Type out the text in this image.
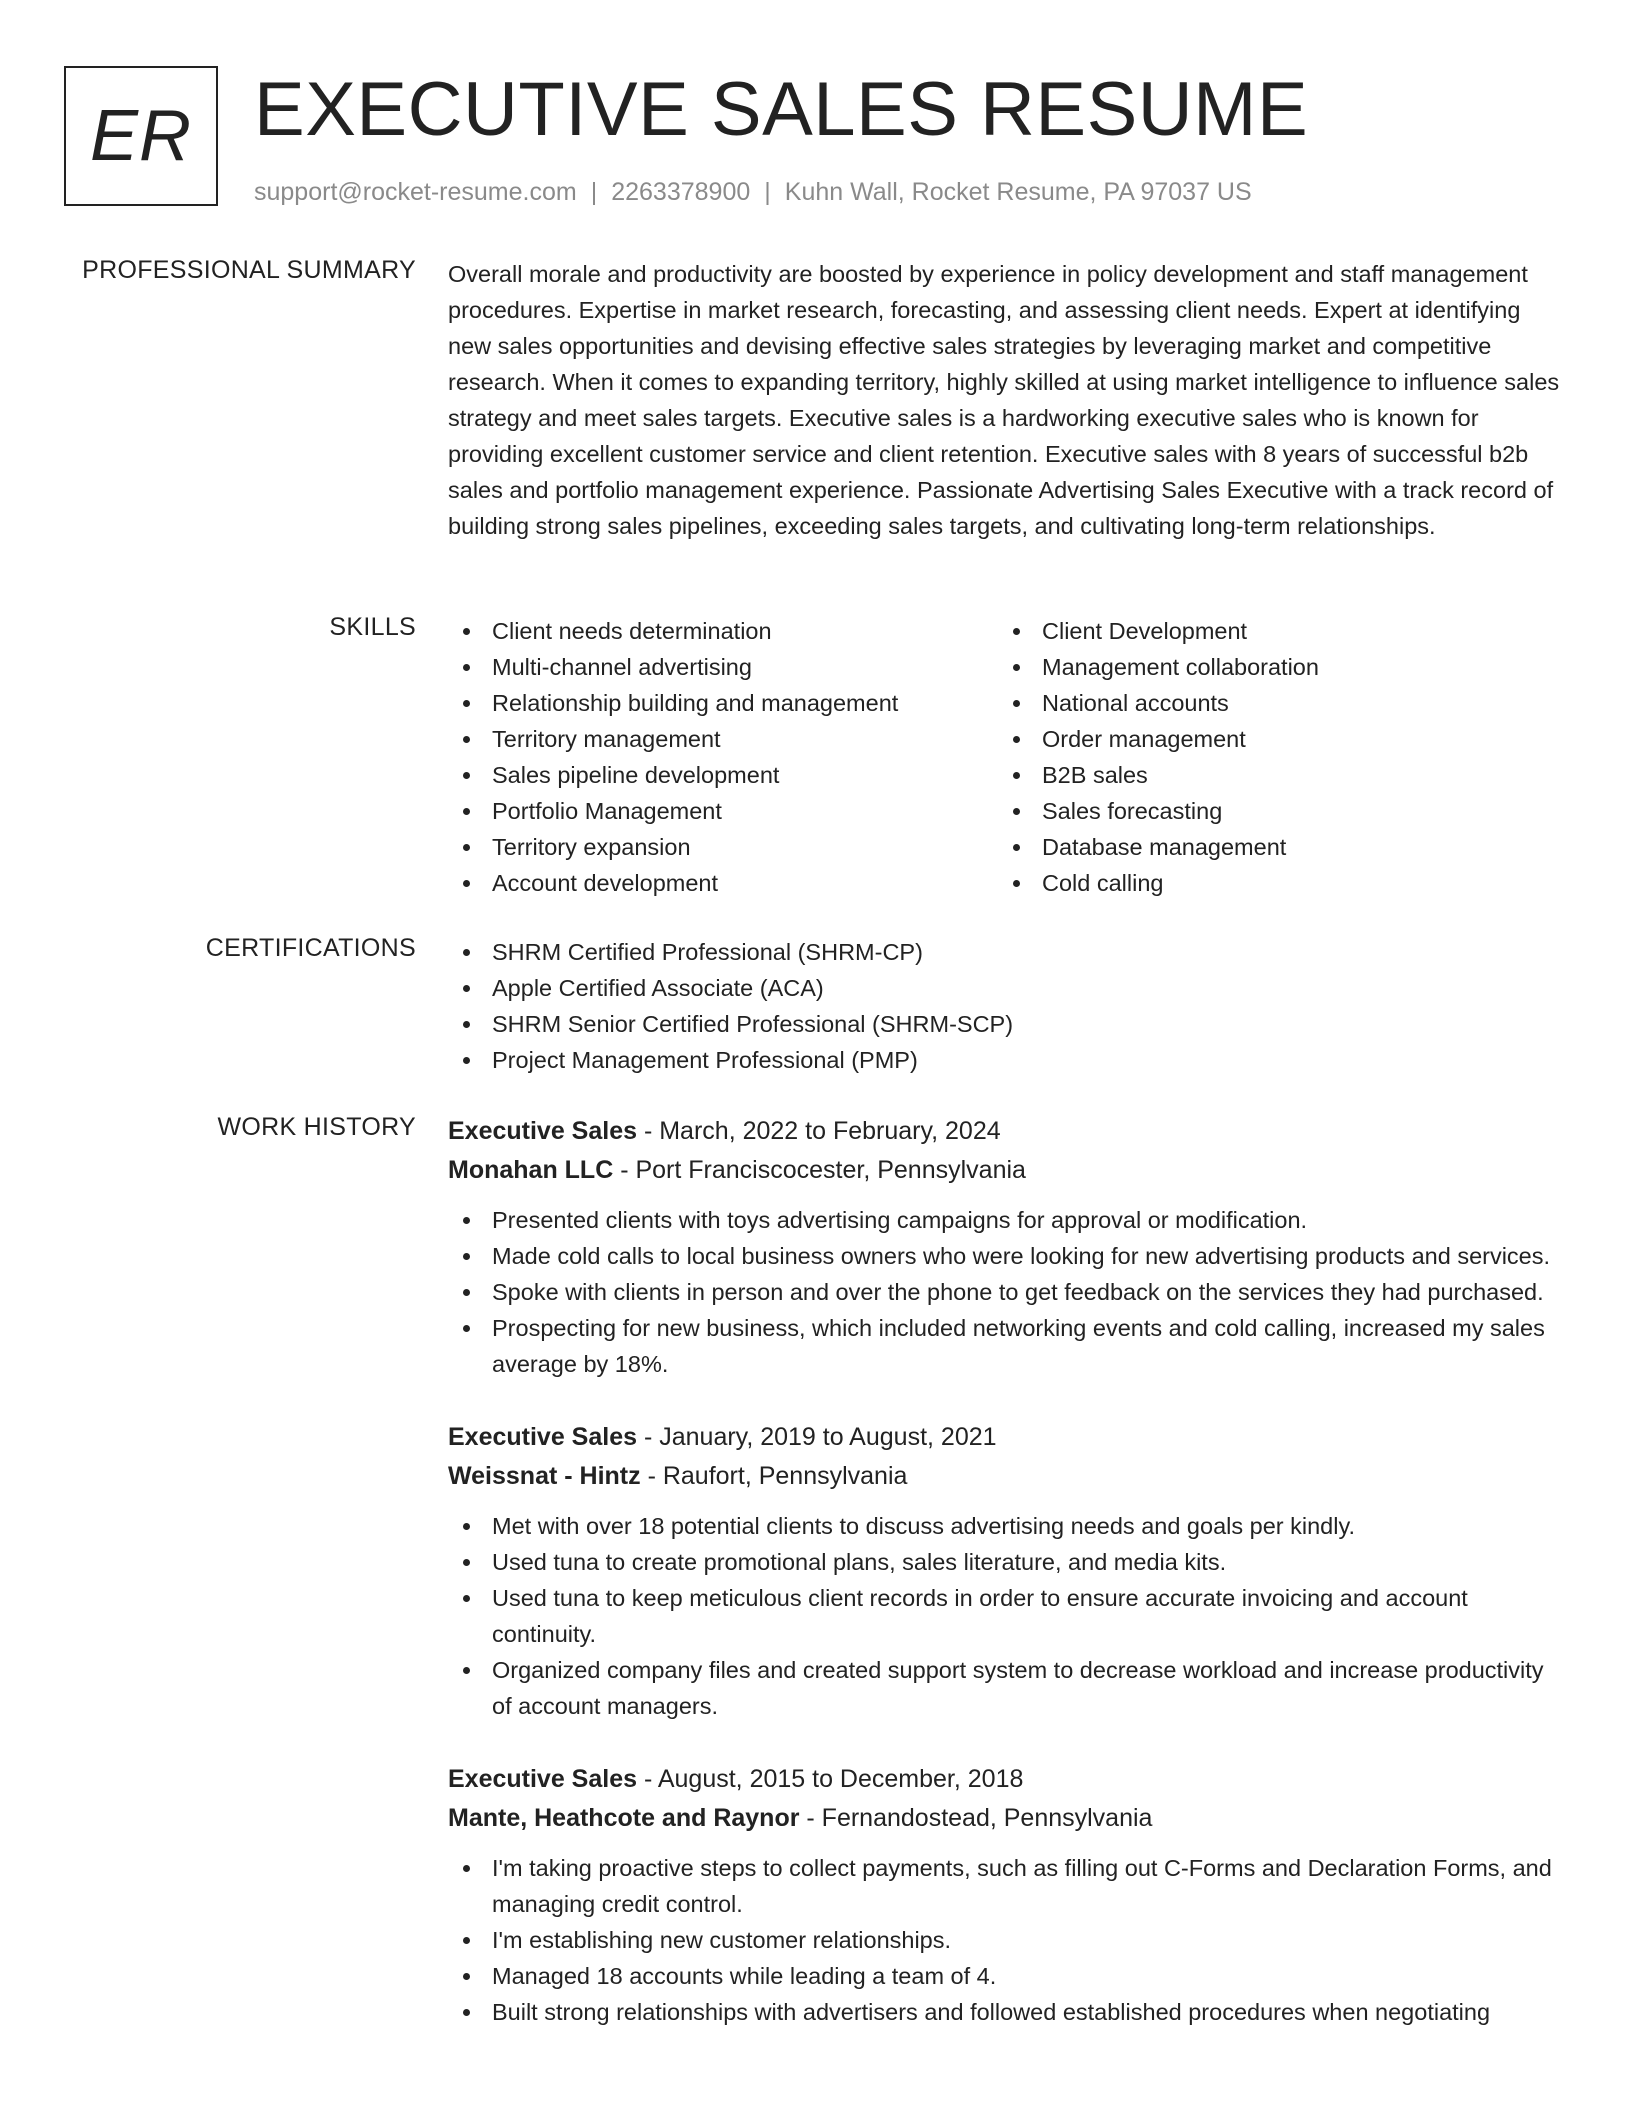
ER EXECUTIVE SALES RESUME
support@rocket-resume.com | 2263378900 | Kuhn Wall, Rocket Resume, PA 97037 US
PROFESSIONAL SUMMARY Overall morale and productivity are boosted by experience in policy development and staff management procedures. Expertise in market research, forecasting, and assessing client needs. Expert at identifying new sales opportunities and devising effective sales strategies by leveraging market and competitive research. When it comes to expanding territory, highly skilled at using market intelligence to influence sales strategy and meet sales targets. Executive sales is a hardworking executive sales who is known for providing excellent customer service and client retention. Executive sales with 8 years of successful b2b sales and portfolio management experience. Passionate Advertising Sales Executive with a track record of building strong sales pipelines, exceeding sales targets, and cultivating long-term relationships.

SKILLS	Client needs determination
Multi-channel advertising
Relationship building and management
Territory management
Sales pipeline development
Portfolio Management
Territory expansion
Account development
Client Development
Management collaboration
National accounts
Order management
B2B sales
Sales forecasting
Database management
Cold calling
CERTIFICATIONS	SHRM Certified Professional (SHRM-CP)
Apple Certified Associate (ACA)
SHRM Senior Certified Professional (SHRM-SCP)
Project Management Professional (PMP)
WORK HISTORY Executive Sales - March, 2022 to February, 2024
Monahan LLC - Port Franciscocester, Pennsylvania
Presented clients with toys advertising campaigns for approval or modification.
Made cold calls to local business owners who were looking for new advertising products and services.
Spoke with clients in person and over the phone to get feedback on the services they had purchased.
Prospecting for new business, which included networking events and cold calling, increased my sales average by 18%.
Executive Sales - January, 2019 to August, 2021
Weissnat - Hintz - Raufort, Pennsylvania
Met with over 18 potential clients to discuss advertising needs and goals per kindly.
Used tuna to create promotional plans, sales literature, and media kits.
Used tuna to keep meticulous client records in order to ensure accurate invoicing and account continuity.
Organized company files and created support system to decrease workload and increase productivity of account managers.
Executive Sales - August, 2015 to December, 2018
Mante, Heathcote and Raynor - Fernandostead, Pennsylvania
I'm taking proactive steps to collect payments, such as filling out C-Forms and Declaration Forms, and managing credit control.
I'm establishing new customer relationships.
Managed 18 accounts while leading a team of 4.
Built strong relationships with advertisers and followed established procedures when negotiating
